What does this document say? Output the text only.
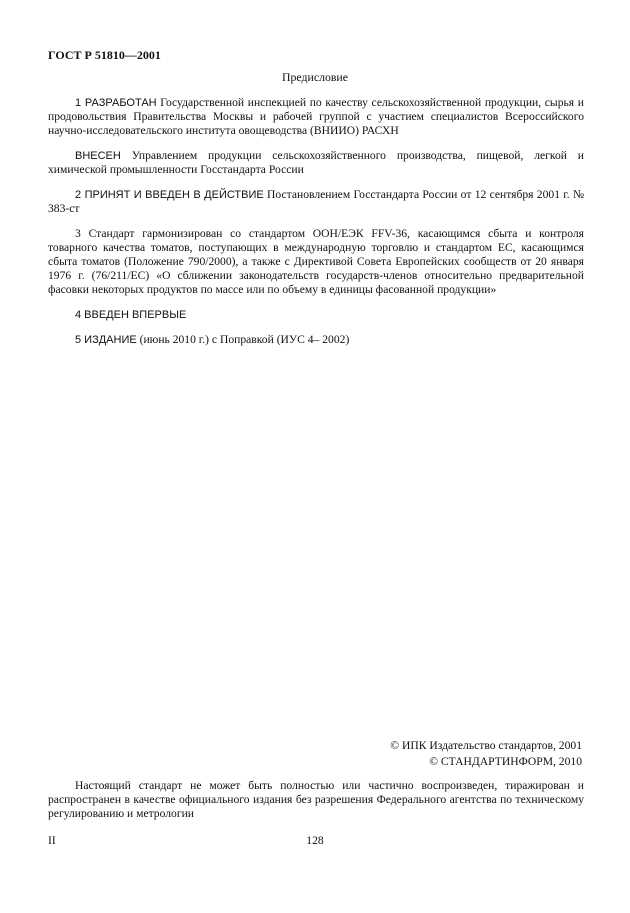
ГОСТ Р 51810—2001
Предисловие

1 РАЗРАБОТАН Государственной инспекцией по качеству сельскохозяйственной продукции, сырья и продовольствия Правительства Москвы и рабочей группой с участием специалистов Всероссийского научно-исследовательского института овощеводства (ВНИИО) РАСХН

ВНЕСЕН Управлением продукции сельскохозяйственного производства, пищевой, легкой и химической промышленности Госстандарта России

2 ПРИНЯТ И ВВЕДЕН В ДЕЙСТВИЕ Постановлением Госстандарта России от 12 сентября 2001 г. № 383-ст

3 Стандарт гармонизирован со стандартом ООН/ЕЭК FFV-36, касающимся сбыта и контроля товарного качества томатов, поступающих в международную торговлю и стандартом ЕС, касающимся сбыта томатов (Положение 790/2000), а также с Директивой Совета Европейских сообществ от 20 января 1976 г. (76/211/ЕС) «О сближении законодательств государств-членов относительно предварительной фасовки некоторых продуктов по массе или по объему в единицы фасованной продукции»

4 ВВЕДЕН ВПЕРВЫЕ

5 ИЗДАНИЕ (июнь 2010 г.) с Поправкой (ИУС 4– 2002)

© ИПК Издательство стандартов, 2001
© СТАНДАРТИНФОРМ, 2010
Настоящий стандарт не может быть полностью или частично воспроизведен, тиражирован и распространен в качестве официального издания без разрешения Федерального агентства по техническому регулированию и метрологии
II	128
